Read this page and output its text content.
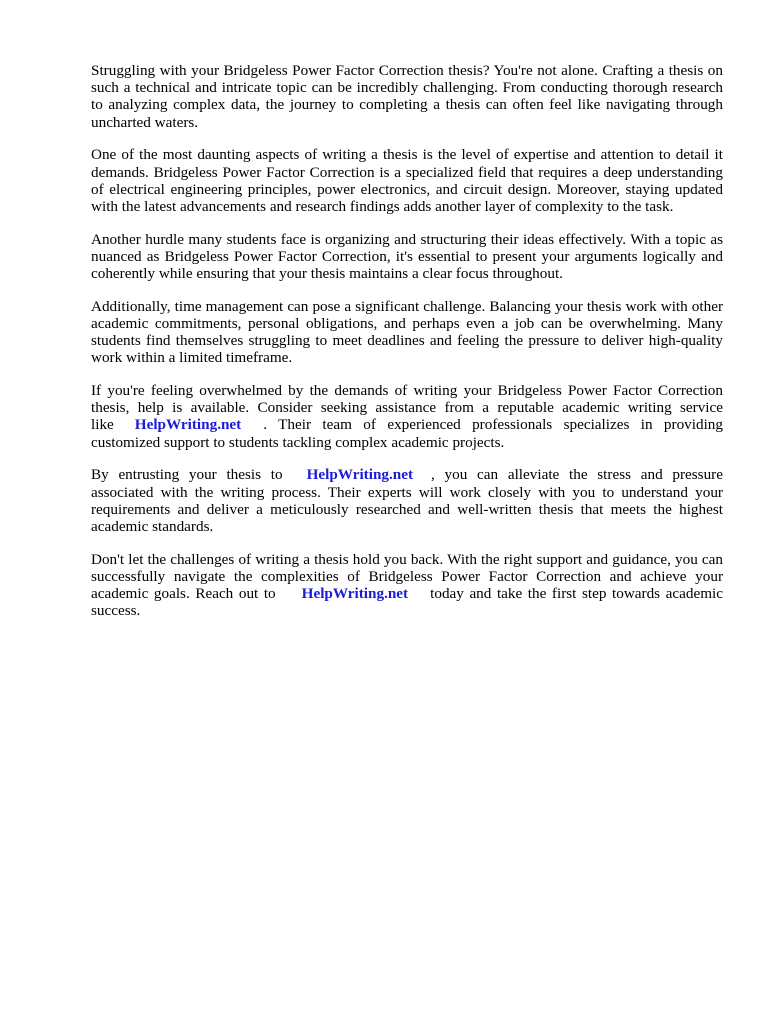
Struggling with your Bridgeless Power Factor Correction thesis? You're not alone. Crafting a thesis on such a technical and intricate topic can be incredibly challenging. From conducting thorough research to analyzing complex data, the journey to completing a thesis can often feel like navigating through uncharted waters.

One of the most daunting aspects of writing a thesis is the level of expertise and attention to detail it demands. Bridgeless Power Factor Correction is a specialized field that requires a deep understanding of electrical engineering principles, power electronics, and circuit design. Moreover, staying updated with the latest advancements and research findings adds another layer of complexity to the task.

Another hurdle many students face is organizing and structuring their ideas effectively. With a topic as nuanced as Bridgeless Power Factor Correction, it's essential to present your arguments logically and coherently while ensuring that your thesis maintains a clear focus throughout.

Additionally, time management can pose a significant challenge. Balancing your thesis work with other academic commitments, personal obligations, and perhaps even a job can be overwhelming. Many students find themselves struggling to meet deadlines and feeling the pressure to deliver high-quality work within a limited timeframe.

If you're feeling overwhelmed by the demands of writing your Bridgeless Power Factor Correction thesis, help is available. Consider seeking assistance from a reputable academic writing service like HelpWriting.net . Their team of experienced professionals specializes in providing customized support to students tackling complex academic projects.

By entrusting your thesis to HelpWriting.net , you can alleviate the stress and pressure associated with the writing process. Their experts will work closely with you to understand your requirements and deliver a meticulously researched and well-written thesis that meets the highest academic standards.

Don't let the challenges of writing a thesis hold you back. With the right support and guidance, you can successfully navigate the complexities of Bridgeless Power Factor Correction and achieve your academic goals. Reach out to HelpWriting.net today and take the first step towards academic success.
